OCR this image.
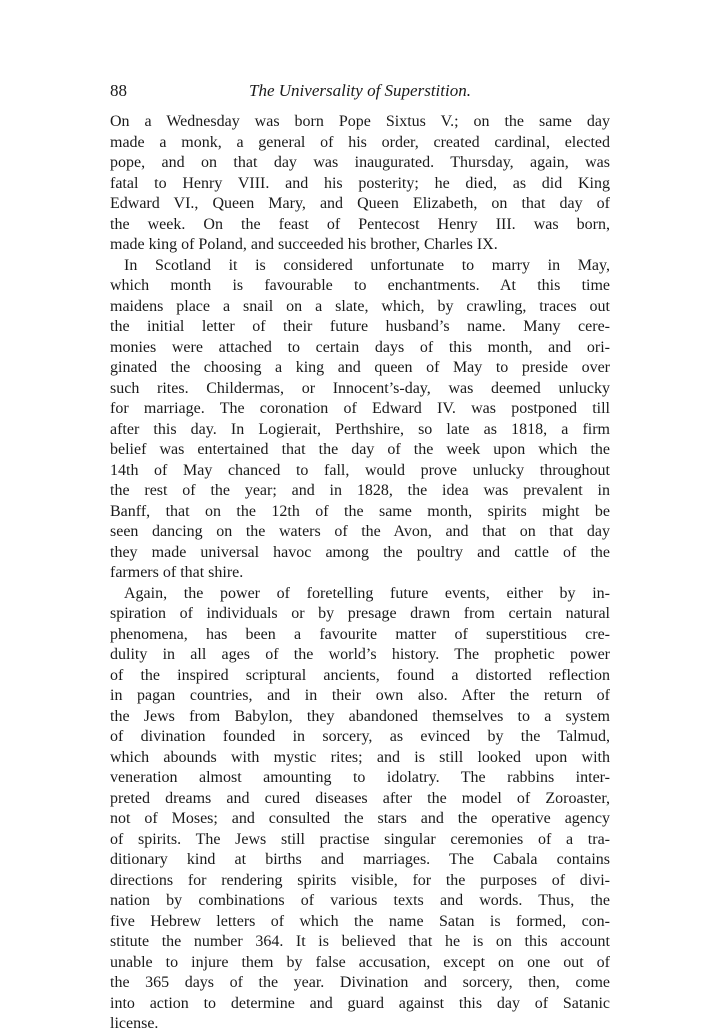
88	The Universality of Superstition.
On a Wednesday was born Pope Sixtus V.; on the same day
made a monk, a general of his order, created cardinal, elected
pope, and on that day was inaugurated. Thursday, again, was
fatal to Henry VIII. and his posterity; he died, as did King
Edward VI., Queen Mary, and Queen Elizabeth, on that day of
the week. On the feast of Pentecost Henry III. was born,
made king of Poland, and succeeded his brother, Charles IX.
In Scotland it is considered unfortunate to marry in May,
which month is favourable to enchantments. At this time
maidens place a snail on a slate, which, by crawling, traces out
the initial letter of their future husband’s name. Many cere-
monies were attached to certain days of this month, and ori-
ginated the choosing a king and queen of May to preside over
such rites. Childermas, or Innocent’s-day, was deemed unlucky
for marriage. The coronation of Edward IV. was postponed till
after this day. In Logierait, Perthshire, so late as 1818, a firm
belief was entertained that the day of the week upon which the
14th of May chanced to fall, would prove unlucky throughout
the rest of the year; and in 1828, the idea was prevalent in
Banff, that on the 12th of the same month, spirits might be
seen dancing on the waters of the Avon, and that on that day
they made universal havoc among the poultry and cattle of the
farmers of that shire.
Again, the power of foretelling future events, either by in-
spiration of individuals or by presage drawn from certain natural
phenomena, has been a favourite matter of superstitious cre-
dulity in all ages of the world’s history. The prophetic power
of the inspired scriptural ancients, found a distorted reflection
in pagan countries, and in their own also. After the return of
the Jews from Babylon, they abandoned themselves to a system
of divination founded in sorcery, as evinced by the Talmud,
which abounds with mystic rites; and is still looked upon with
veneration almost amounting to idolatry. The rabbins inter-
preted dreams and cured diseases after the model of Zoroaster,
not of Moses; and consulted the stars and the operative agency
of spirits. The Jews still practise singular ceremonies of a tra-
ditionary kind at births and marriages. The Cabala contains
directions for rendering spirits visible, for the purposes of divi-
nation by combinations of various texts and words. Thus, the
five Hebrew letters of which the name Satan is formed, con-
stitute the number 364. It is believed that he is on this account
unable to injure them by false accusation, except on one out of
the 365 days of the year. Divination and sorcery, then, come
into action to determine and guard against this day of Satanic
license.
